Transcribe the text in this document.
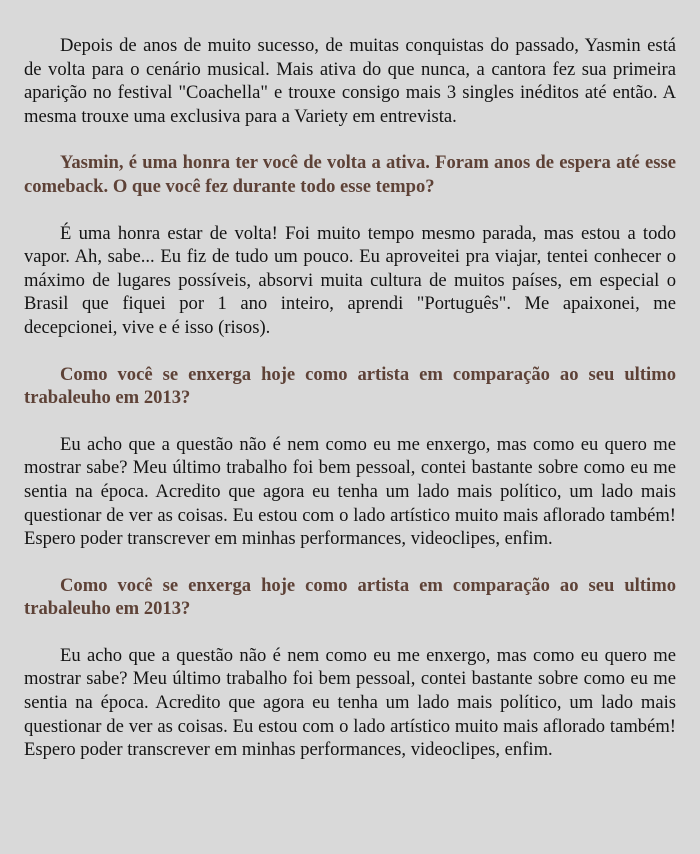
Depois de anos de muito sucesso, de muitas conquistas do passado, Yasmin está de volta para o cenário musical. Mais ativa do que nunca, a cantora fez sua primeira aparição no festival "Coachella" e trouxe consigo mais 3 singles inéditos até então. A mesma trouxe uma exclusiva para a Variety em entrevista.

Yasmin, é uma honra ter você de volta a ativa. Foram anos de espera até esse comeback. O que você fez durante todo esse tempo?

É uma honra estar de volta! Foi muito tempo mesmo parada, mas estou a todo vapor. Ah, sabe... Eu fiz de tudo um pouco. Eu aproveitei pra viajar, tentei conhecer o máximo de lugares possíveis, absorvi muita cultura de muitos países, em especial o Brasil que fiquei por 1 ano inteiro, aprendi "Português". Me apaixonei, me decepcionei, vive e é isso (risos).

Como você se enxerga hoje como artista em comparação ao seu ultimo trabaleuho em 2013?

Eu acho que a questão não é nem como eu me enxergo, mas como eu quero me mostrar sabe? Meu último trabalho foi bem pessoal, contei bastante sobre como eu me sentia na época. Acredito que agora eu tenha um lado mais político, um lado mais questionar de ver as coisas. Eu estou com o lado artístico muito mais aflorado também! Espero poder transcrever em minhas performances, videoclipes, enfim.

Como você se enxerga hoje como artista em comparação ao seu ultimo trabaleuho em 2013?

Eu acho que a questão não é nem como eu me enxergo, mas como eu quero me mostrar sabe? Meu último trabalho foi bem pessoal, contei bastante sobre como eu me sentia na época. Acredito que agora eu tenha um lado mais político, um lado mais questionar de ver as coisas. Eu estou com o lado artístico muito mais aflorado também! Espero poder transcrever em minhas performances, videoclipes, enfim.
